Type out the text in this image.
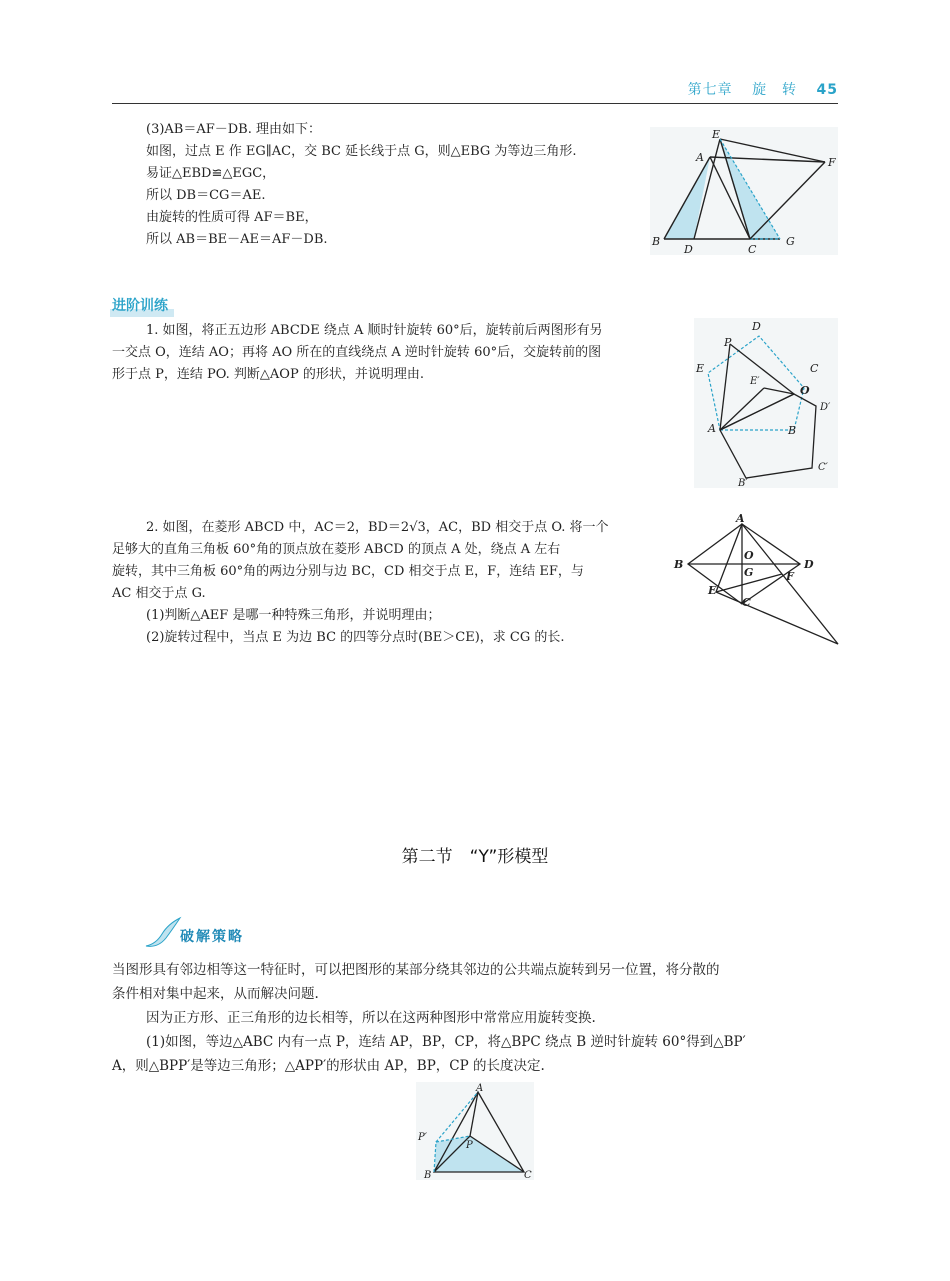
第七章 旋　转 45
(3)AB＝AF－DB. 理由如下：
如图，过点 E 作 EG∥AC，交 BC 延长线于点 G，则△EBG 为等边三角形.
易证△EBD≌△EGC，
所以 DB＝CG＝AE.
由旋转的性质可得 AF＝BE，
所以 AB＝BE－AE＝AF－DB.
E
A	F
B
D	C
G
进阶训练
1. 如图，将正五边形 ABCDE 绕点 A 顺时针旋转 60°后，旋转前后两图形有另
一交点 O，连结 AO；再将 AO 所在的直线绕点 A 逆时针旋转 60°后，交旋转前的图
形于点 P，连结 PO. 判断△AOP 的形状，并说明理由.
D
P
C
E
E′
O
D′
A	B
C′
B′
2. 如图，在菱形 ABCD 中，AC＝2，BD＝2√3，AC，BD 相交于点 O. 将一个
足够大的直角三角板 60°角的顶点放在菱形 ABCD 的顶点 A 处，绕点 A 左右
旋转，其中三角板 60°角的两边分别与边 BC，CD 相交于点 E，F，连结 EF，与
AC 相交于点 G.
(1)判断△AEF 是哪一种特殊三角形，并说明理由；
(2)旋转过程中，当点 E 为边 BC 的四等分点时(BE＞CE)，求 CG 的长.
A
B
O
D
G	F
E
C
第二节　“Y”形模型
破解策略
当图形具有邻边相等这一特征时，可以把图形的某部分绕其邻边的公共端点旋转到另一位置，将分散的
条件相对集中起来，从而解决问题.
因为正方形、正三角形的边长相等，所以在这两种图形中常常应用旋转变换.
(1)如图，等边△ABC 内有一点 P，连结 AP，BP，CP，将△BPC 绕点 B 逆时针旋转 60°得到△BP′
A，则△BPP′是等边三角形；△APP′的形状由 AP，BP，CP 的长度决定.
A
P′
P
B	C
